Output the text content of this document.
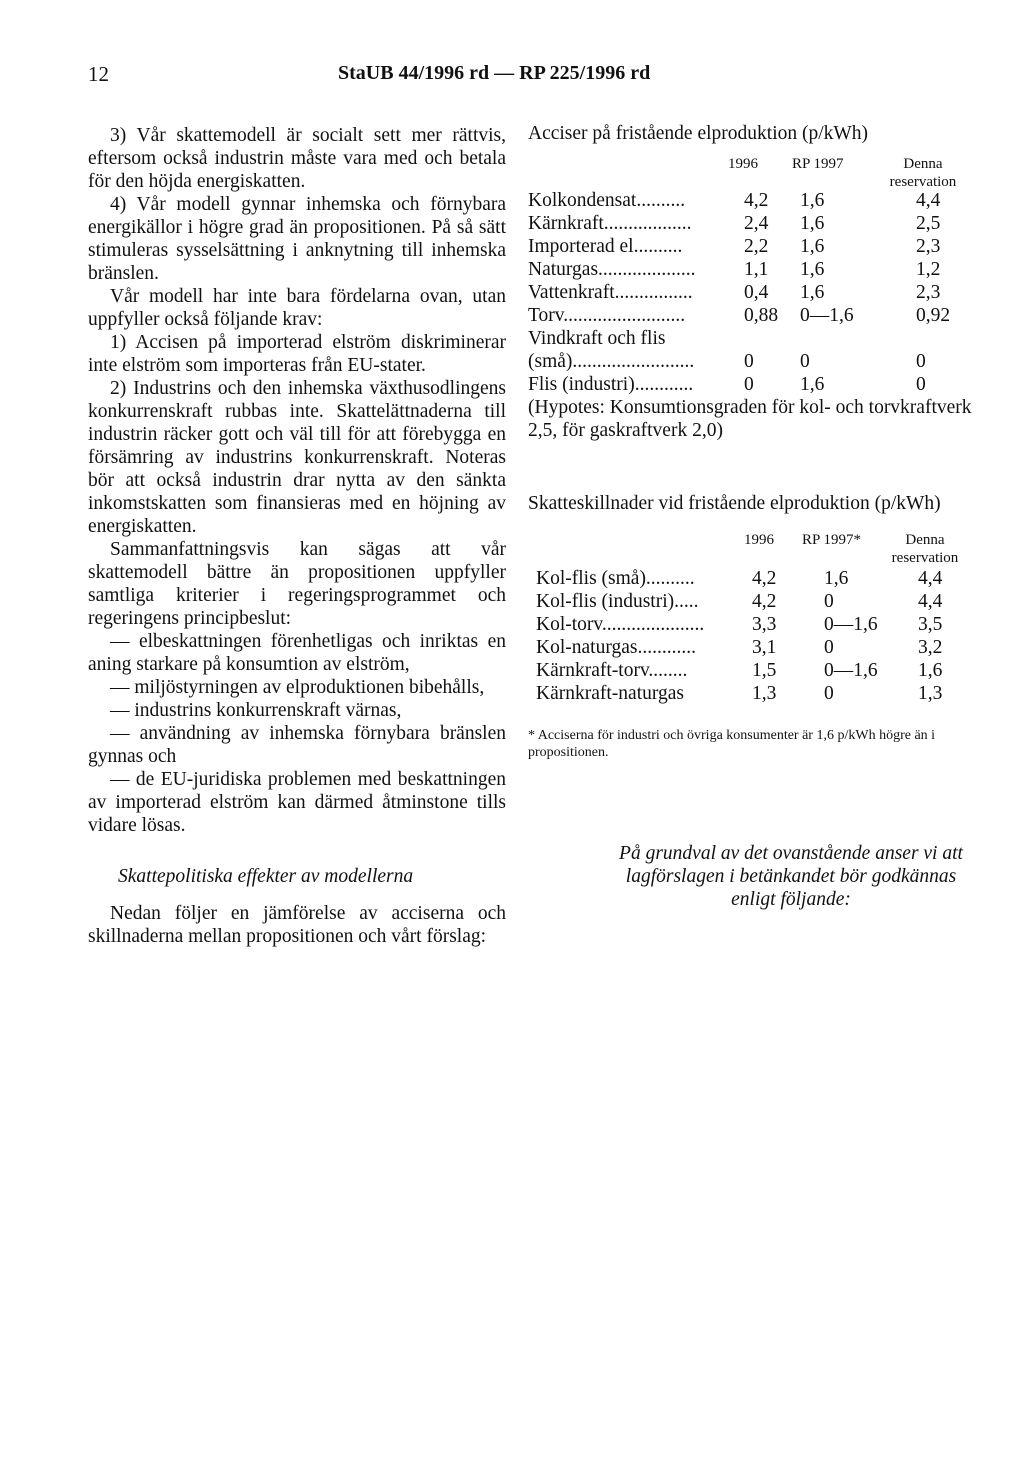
12	StaUB 44/1996 rd — RP 225/1996 rd

3) Vår skattemodell är socialt sett mer rättvis, eftersom också industrin måste vara med och betala för den höjda energiskatten.

4) Vår modell gynnar inhemska och förnybara energikällor i högre grad än propositionen. På så sätt stimuleras sysselsättning i anknytning till inhemska bränslen.

Vår modell har inte bara fördelarna ovan, utan uppfyller också följande krav:

1) Accisen på importerad elström diskriminerar inte elström som importeras från EU-stater.

2) Industrins och den inhemska växthusodlingens konkurrenskraft rubbas inte. Skattelättnaderna till industrin räcker gott och väl till för att förebygga en försämring av industrins konkurrenskraft. Noteras bör att också industrin drar nytta av den sänkta inkomstskatten som finansieras med en höjning av energiskatten.

Sammanfattningsvis kan sägas att vår skattemodell bättre än propositionen uppfyller samtliga kriterier i regeringsprogrammet och regeringens principbeslut:

— elbeskattningen förenhetligas och inriktas en aning starkare på konsumtion av elström,

— miljöstyrningen av elproduktionen bibehålls,

— industrins konkurrenskraft värnas,

— användning av inhemska förnybara bränslen gynnas och

— de EU-juridiska problemen med beskattningen av importerad elström kan därmed åtminstone tills vidare lösas.

Skattepolitiska effekter av modellerna

Nedan följer en jämförelse av acciserna och skillnaderna mellan propositionen och vårt förslag:

Acciser på fristående elproduktion (p/kWh)

1996 RP 1997	Denna
reservation
Kolkondensat..........	4,2 1,6	4,4
Kärnkraft..................	2,4 1,6	2,5
Importerad el..........	2,2 1,6	2,3
Naturgas.................... 1,1 1,6	1,2
Vattenkraft................	0,4 1,6	2,3
Torv.........................	0,88 0—1,6	0,92
Vindkraft och flis
(små).........................	0 0	0
Flis (industri)............	0 1,6	0

(Hypotes: Konsumtionsgraden för kol- och torvkraftverk 2,5, för gaskraftverk 2,0)

Skatteskillnader vid fristående elproduktion (p/kWh)

1996 RP 1997*	Denna
reservation
Kol-flis (små)..........	4,2 1,6	4,4
Kol-flis (industri).....	4,2 0	4,4
Kol-torv..................... 3,3 0—1,6 3,5
Kol-naturgas............	3,1 0	3,2
Kärnkraft-torv........	1,5 0—1,6 1,6
Kärnkraft-naturgas	1,3 0	1,3

* Acciserna för industri och övriga konsumenter är 1,6 p/kWh högre än i propositionen.

På grundval av det ovanstående anser vi att lagförslagen i betänkandet bör godkännas enligt följande:
